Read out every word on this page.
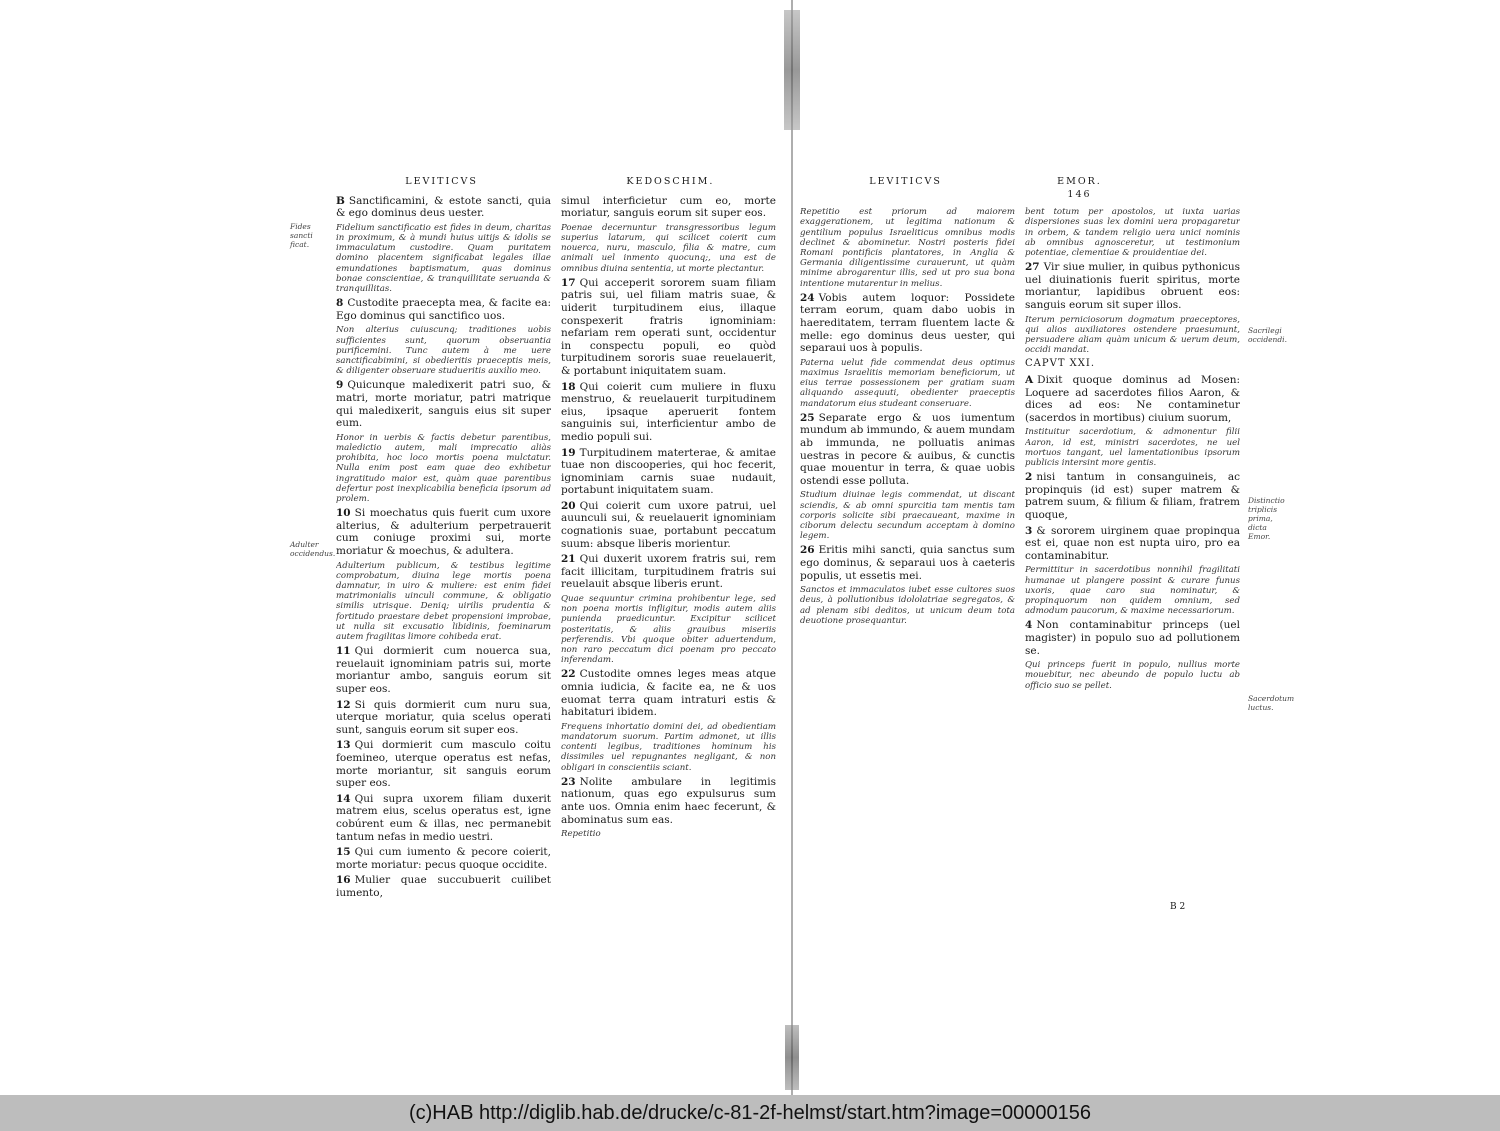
LEVITICVS	KEDOSCHIM.

B Sanctificamini, & estote sancti, quia & ego dominus deus uester.

Fidelium sanctificatio est fides in deum, charitas in proximum, & à mundi huius uitijs & idolis se immaculatum custodire. Quam puritatem domino placentem significabat legales illae emundationes baptismatum, quas dominus bonae conscientiae, & tranquillitate seruanda & tranquillitas.

8 Custodite praecepta mea, & facite ea: Ego dominus qui sanctifico uos.

Non alterius cuiuscunq; traditiones uobis sufficientes sunt, quorum obseruantia purificemini. Tunc autem à me uere sanctificabimini, si obedieritis praeceptis meis, & diligenter obseruare studueritis auxilio meo.

9 Quicunque maledixerit patri suo, & matri, morte moriatur, patri matrique qui maledixerit, sanguis eius sit super eum.

Honor in uerbis & factis debetur parentibus, maledictio autem, mali imprecatio aliàs prohibita, hoc loco mortis poena mulctatur. Nulla enim post eam quae deo exhibetur ingratitudo maior est, quàm quae parentibus defertur post inexplicabilia beneficia ipsorum ad prolem.

10 Si moechatus quis fuerit cum uxore alterius, & adulterium perpetrauerit cum coniuge proximi sui, morte moriatur & moechus, & adultera.

Adulterium publicum, & testibus legitime comprobatum, diuina lege mortis poena damnatur, in uiro & muliere: est enim fidei matrimonialis uinculi commune, & obligatio similis utrisque. Deniq; uirilis prudentia & fortitudo praestare debet propensioni improbae, ut nulla sit excusatio libidinis, foeminarum autem fragilitas limore cohibeda erat.

11 Qui dormierit cum nouerca sua, reuelauit ignominiam patris sui, morte moriantur ambo, sanguis eorum sit super eos.

12 Si quis dormierit cum nuru sua, uterque moriatur, quia scelus operati sunt, sanguis eorum sit super eos.

13 Qui dormierit cum masculo coitu foemineo, uterque operatus est nefas, morte moriantur, sit sanguis eorum super eos.

14 Qui supra uxorem filiam duxerit matrem eius, scelus operatus est, igne cobúrent eum & illas, nec permanebit tantum nefas in medio uestri.

15 Qui cum iumento & pecore coierit, morte moriatur: pecus quoque occidite.

16 Mulier quae succubuerit cuilibet iumento,

simul interficietur cum eo, morte moriatur, sanguis eorum sit super eos.

Poenae decernuntur transgressoribus legum superius latarum, qui scilicet coierit cum nouerca, nuru, masculo, filia & matre, cum animali uel inmento quocunq;, una est de omnibus diuina sententia, ut morte plectantur.

17 Qui acceperit sororem suam filiam patris sui, uel filiam matris suae, & uiderit turpitudinem eius, illaque conspexerit fratris ignominiam: nefariam rem operati sunt, occidentur in conspectu populi, eo quòd turpitudinem sororis suae reuelauerit, & portabunt iniquitatem suam.

18 Qui coierit cum muliere in fluxu menstruo, & reuelauerit turpitudinem eius, ipsaque aperuerit fontem sanguinis sui, interficientur ambo de medio populi sui.

19 Turpitudinem materterae, & amitae tuae non discooperies, qui hoc fecerit, ignominiam carnis suae nudauit, portabunt iniquitatem suam.

20 Qui coierit cum uxore patrui, uel auunculi sui, & reuelauerit ignominiam cognationis suae, portabunt peccatum suum: absque liberis morientur.

21 Qui duxerit uxorem fratris sui, rem facit illicitam, turpitudinem fratris sui reuelauit absque liberis erunt.

Quae sequuntur crimina prohibentur lege, sed non poena mortis infligitur, modis autem aliis punienda praedicuntur. Excipitur scilicet posteritatis, & aliis grauibus miseriis perferendis. Vbi quoque obiter aduertendum, non raro peccatum dici poenam pro peccato inferendam.

22 Custodite omnes leges meas atque omnia iudicia, & facite ea, ne & uos euomat terra quam intraturi estis & habitaturi ibidem.

Frequens inhortatio domini dei, ad obedientiam mandatorum suorum. Partim admonet, ut illis contenti legibus, traditiones hominum his dissimiles uel repugnantes negligant, & non obligari in conscientiis sciant.

23 Nolite ambulare in legitimis nationum, quas ego expulsurus sum ante uos. Omnia enim haec fecerunt, & abominatus sum eas.

Repetitio

Fides sancti ficat.
Adulter occidendus.
LEVITICVS	EMOR.
146

Repetitio est priorum ad maiorem exaggerationem, ut legitima nationum & gentilium populus Israeliticus omnibus modis declinet & abominetur. Nostri posteris fidei Romani pontificis plantatores, in Anglia & Germania diligentissime curauerunt, ut quàm minime abrogarentur illis, sed ut pro sua bona intentione mutarentur in melius.

24 Vobis autem loquor: Possidete terram eorum, quam dabo uobis in haereditatem, terram fluentem lacte & melle: ego dominus deus uester, qui separaui uos à populis.

Paterna uelut fide commendat deus optimus maximus Israelitis memoriam beneficiorum, ut eius terrae possessionem per gratiam suam aliquando assequuti, obedienter praeceptis mandatorum eius studeant conseruare.

25 Separate ergo & uos iumentum mundum ab immundo, & auem mundam ab immunda, ne polluatis animas uestras in pecore & auibus, & cunctis quae mouentur in terra, & quae uobis ostendi esse polluta.

Studium diuinae legis commendat, ut discant sciendis, & ab omni spurcitia tam mentis tam corporis solicite sibi praecaueant, maxime in ciborum delectu secundum acceptam à domino legem.

26 Eritis mihi sancti, quia sanctus sum ego dominus, & separaui uos à caeteris populis, ut essetis mei.

Sanctos et immaculatos iubet esse cultores suos deus, à pollutionibus idololatriae segregatos, & ad plenam sibi deditos, ut unicum deum tota deuotione prosequantur.

bent totum per apostolos, ut iuxta uarias dispersiones suas lex domini uera propagaretur in orbem, & tandem religio uera unici nominis ab omnibus agnosceretur, ut testimonium potentiae, clementiae & prouidentiae dei.

27 Vir siue mulier, in quibus pythonicus uel diuinationis fuerit spiritus, morte moriantur, lapidibus obruent eos: sanguis eorum sit super illos.

Iterum perniciosorum dogmatum praeceptores, qui alios auxiliatores ostendere praesumunt, persuadere aliam quàm unicum & uerum deum, occidi mandat.

CAPVT XXI.

A Dixit quoque dominus ad Mosen: Loquere ad sacerdotes filios Aaron, & dices ad eos: Ne contaminetur (sacerdos in mortibus) ciuium suorum,

Instituitur sacerdotium, & admonentur filii Aaron, id est, ministri sacerdotes, ne uel mortuos tangant, uel lamentationibus ipsorum publicis intersint more gentis.

2 nisi tantum in consanguineis, ac propinquis (id est) super matrem & patrem suum, & filium & filiam, fratrem quoque,

3 & sororem uirginem quae propinqua est ei, quae non est nupta uiro, pro ea contaminabitur.

Permittitur in sacerdotibus nonnihil fragilitati humanae ut plangere possint & curare funus uxoris, quae caro sua nominatur, & propinquorum non quidem omnium, sed admodum paucorum, & maxime necessariorum.

4 Non contaminabitur princeps (uel magister) in populo suo ad pollutionem se.

Qui princeps fuerit in populo, nullius morte mouebitur, nec abeundo de populo luctu ab officio suo se pellet.

Sacrilegi occidendi.
Distinctio triplicis prima, dicta Emor.
Sacerdotum luctus.
B 2
(c)HAB http://diglib.hab.de/drucke/c-81-2f-helmst/start.htm?image=00000156
